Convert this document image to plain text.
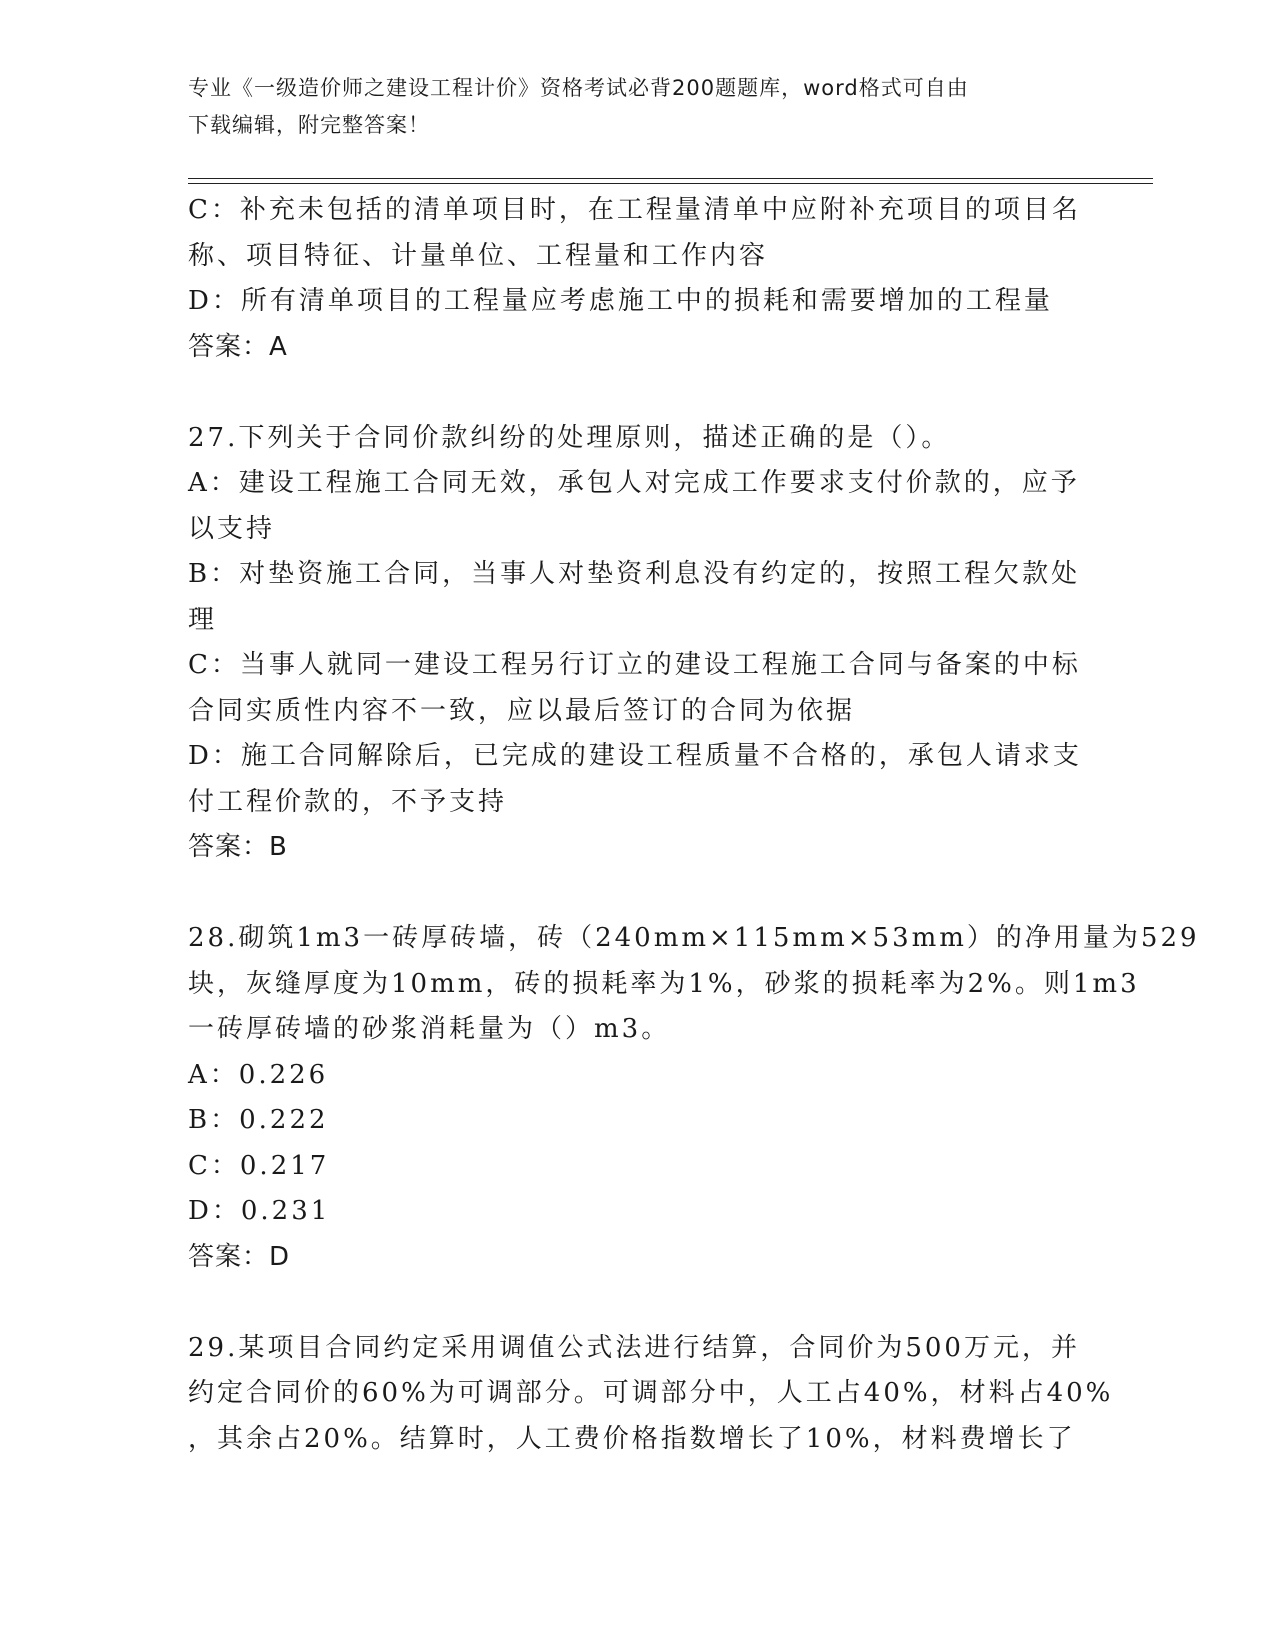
专业《一级造价师之建设工程计价》资格考试必背200题题库，word格式可自由
下载编辑，附完整答案！
C：补充未包括的清单项目时，在工程量清单中应附补充项目的项目名
称、项目特征、计量单位、工程量和工作内容
D：所有清单项目的工程量应考虑施工中的损耗和需要增加的工程量
答案：A
27.下列关于合同价款纠纷的处理原则，描述正确的是（）。
A：建设工程施工合同无效，承包人对完成工作要求支付价款的，应予
以支持
B：对垫资施工合同，当事人对垫资利息没有约定的，按照工程欠款处
理
C：当事人就同一建设工程另行订立的建设工程施工合同与备案的中标
合同实质性内容不一致，应以最后签订的合同为依据
D：施工合同解除后，已完成的建设工程质量不合格的，承包人请求支
付工程价款的，不予支持
答案：B
28.砌筑1m3一砖厚砖墙，砖（240mm×115mm×53mm）的净用量为529
块，灰缝厚度为10mm，砖的损耗率为1%，砂浆的损耗率为2%。则1m3
一砖厚砖墙的砂浆消耗量为（）m3。
A：0.226
B：0.222
C：0.217
D：0.231
答案：D
29.某项目合同约定采用调值公式法进行结算，合同价为500万元，并
约定合同价的60%为可调部分。可调部分中，人工占40%，材料占40%
，其余占20%。结算时，人工费价格指数增长了10%，材料费增长了
